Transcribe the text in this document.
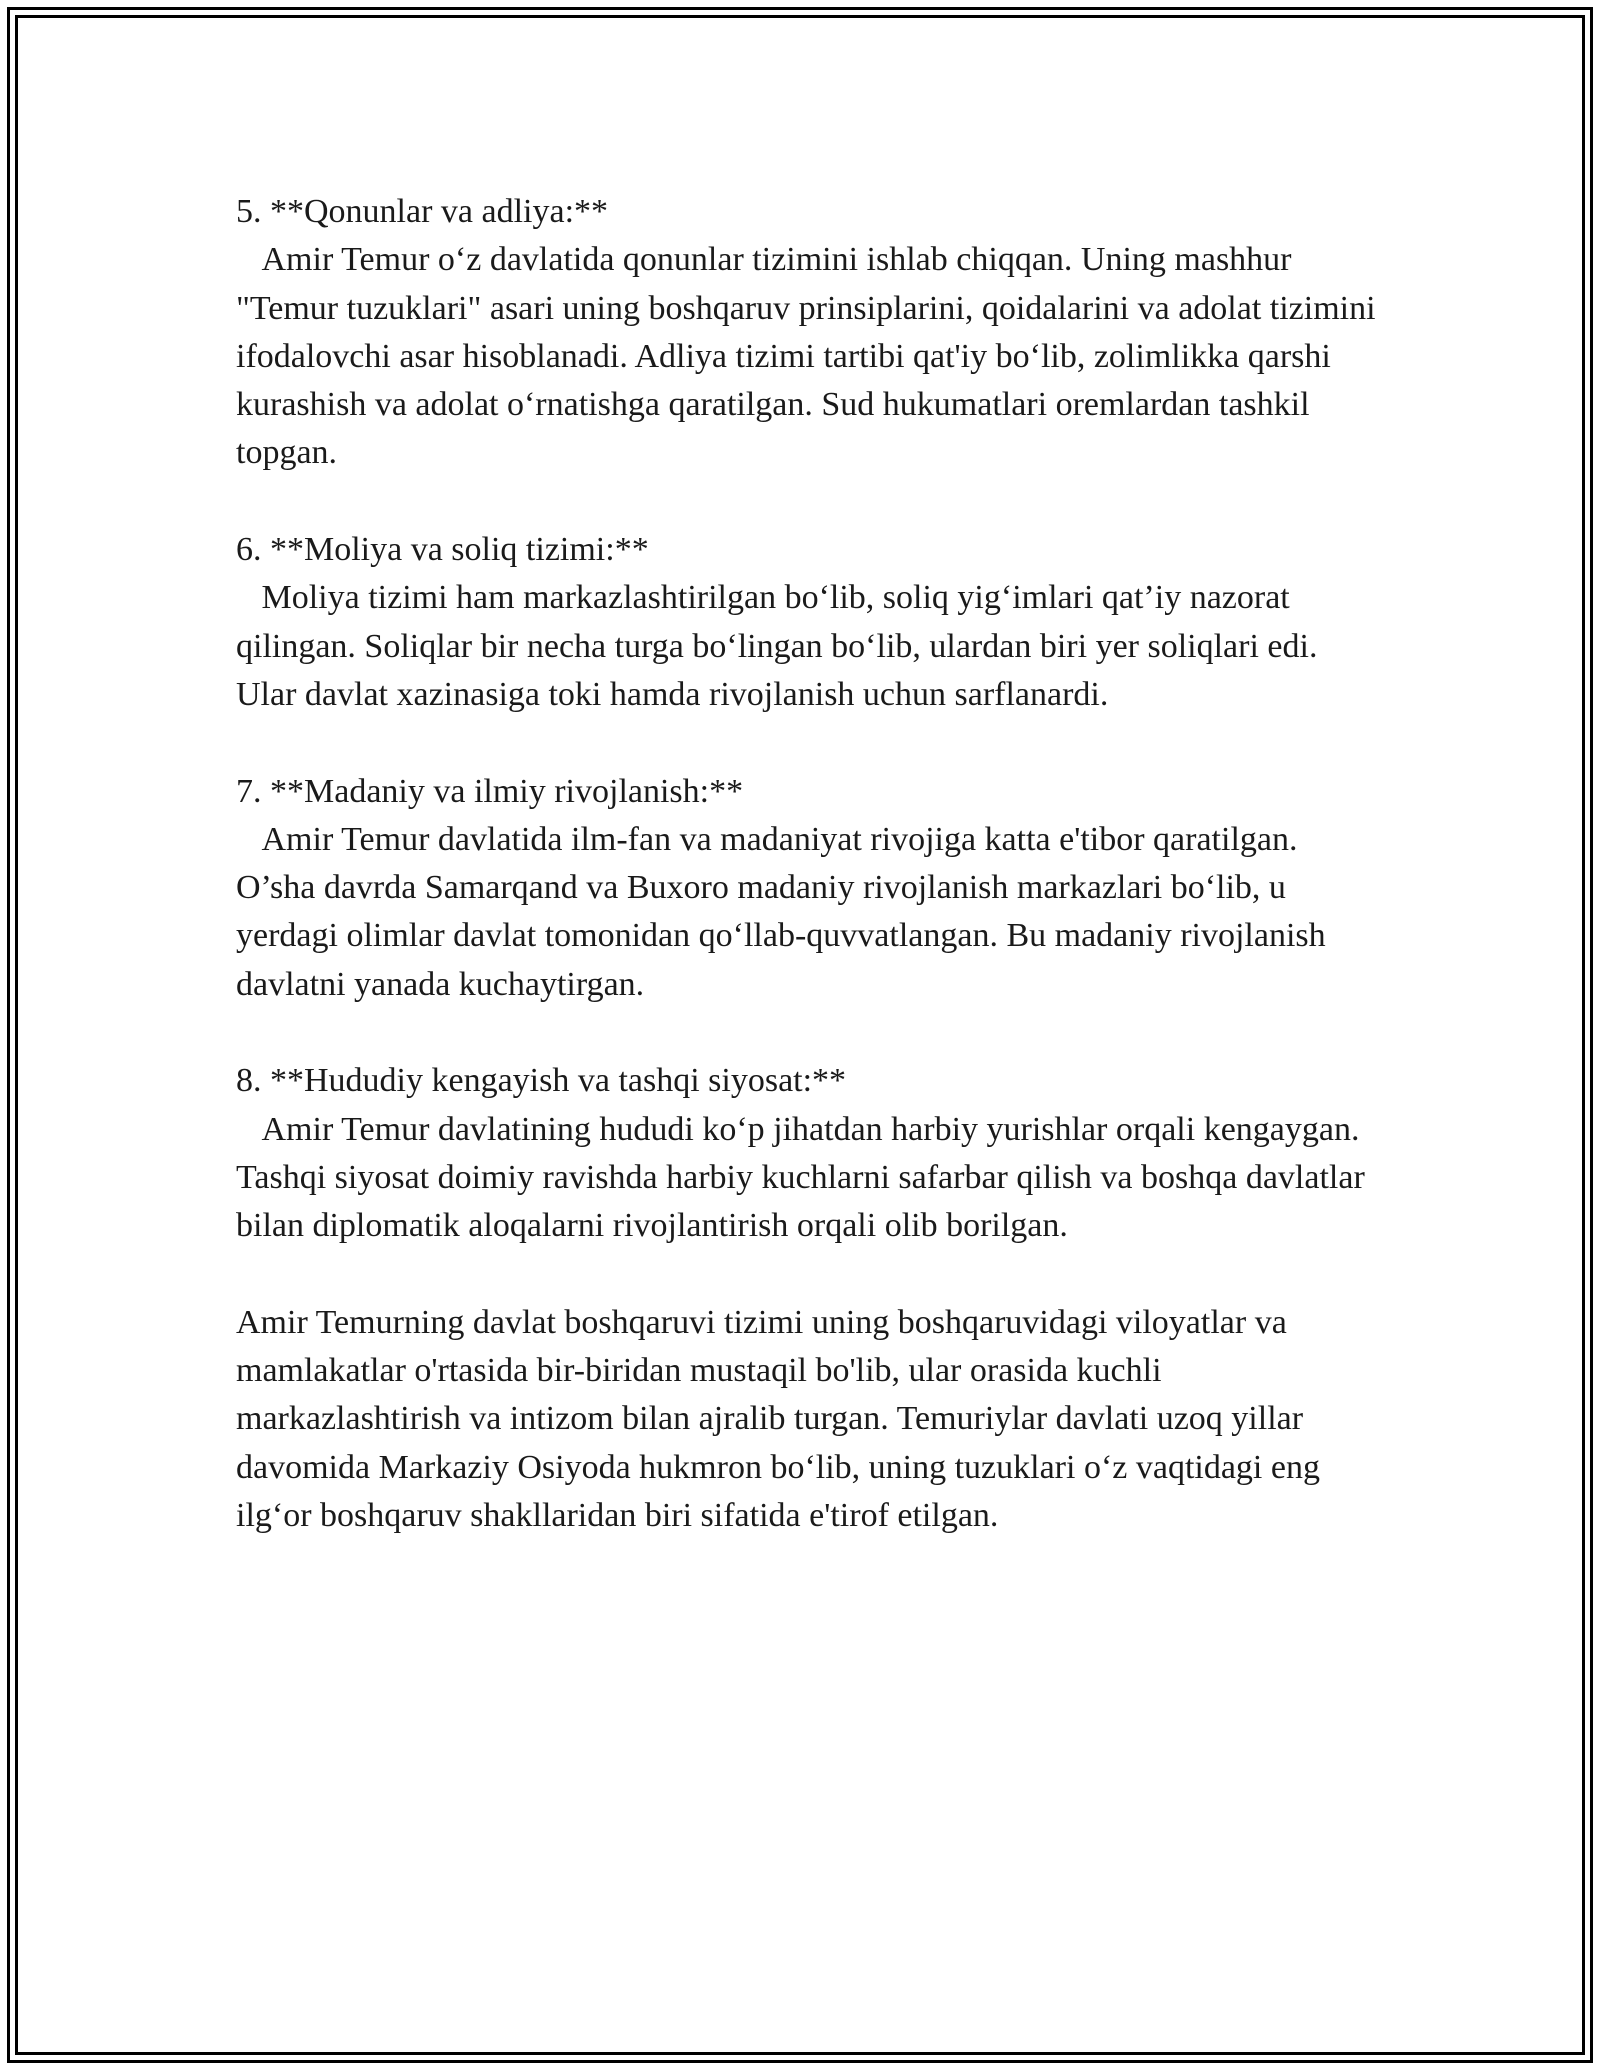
5. **Qonunlar va adliya:**

Amir Temur o‘z davlatida qonunlar tizimini ishlab chiqqan. Uning mashhur "Temur tuzuklari" asari uning boshqaruv prinsiplarini, qoidalarini va adolat tizimini ifodalovchi asar hisoblanadi. Adliya tizimi tartibi qat'iy bo‘lib, zolimlikka qarshi kurashish va adolat o‘rnatishga qaratilgan. Sud hukumatlari oremlardan tashkil topgan.

6. **Moliya va soliq tizimi:**

Moliya tizimi ham markazlashtirilgan bo‘lib, soliq yig‘imlari qat’iy nazorat qilingan. Soliqlar bir necha turga bo‘lingan bo‘lib, ulardan biri yer soliqlari edi. Ular davlat xazinasiga toki hamda rivojlanish uchun sarflanardi.

7. **Madaniy va ilmiy rivojlanish:**

Amir Temur davlatida ilm-fan va madaniyat rivojiga katta e'tibor qaratilgan. O’sha davrda Samarqand va Buxoro madaniy rivojlanish markazlari bo‘lib, u yerdagi olimlar davlat tomonidan qo‘llab-quvvatlangan. Bu madaniy rivojlanish davlatni yanada kuchaytirgan.

8. **Hududiy kengayish va tashqi siyosat:**

Amir Temur davlatining hududi ko‘p jihatdan harbiy yurishlar orqali kengaygan. Tashqi siyosat doimiy ravishda harbiy kuchlarni safarbar qilish va boshqa davlatlar bilan diplomatik aloqalarni rivojlantirish orqali olib borilgan.

Amir Temurning davlat boshqaruvi tizimi uning boshqaruvidagi viloyatlar va mamlakatlar o'rtasida bir-biridan mustaqil bo'lib, ular orasida kuchli markazlashtirish va intizom bilan ajralib turgan. Temuriylar davlati uzoq yillar davomida Markaziy Osiyoda hukmron bo‘lib, uning tuzuklari o‘z vaqtidagi eng ilg‘or boshqaruv shakllaridan biri sifatida e'tirof etilgan.
